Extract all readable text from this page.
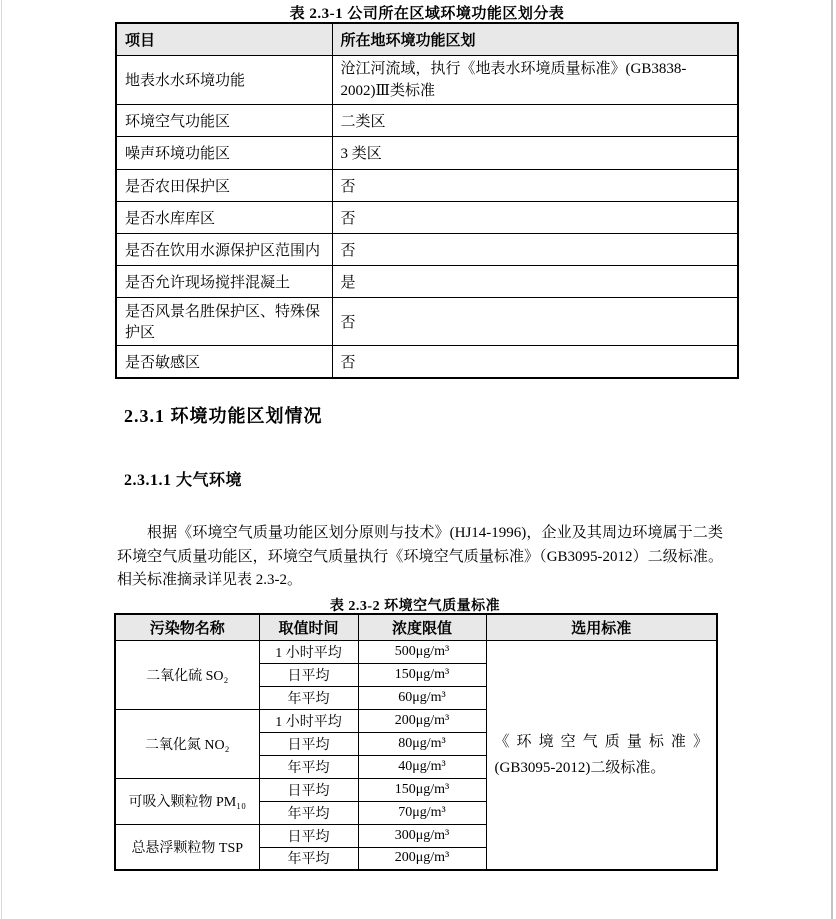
表 2.3-1 公司所在区域环境功能区划分表
项目	所在地环境功能区划
地表水水环境功能	沧江河流域，执行《地表水环境质量标准》(GB3838-2002)Ⅲ类标准
环境空气功能区	二类区
噪声环境功能区	3 类区
是否农田保护区	否
是否水库库区	否
是否在饮用水源保护区范围内	否
是否允许现场搅拌混凝土	是
是否风景名胜保护区、特殊保护区	否
是否敏感区	否
2.3.1 环境功能区划情况
2.3.1.1 大气环境

根据《环境空气质量功能区划分原则与技术》(HJ14-1996)，企业及其周边环境属于二类环境空气质量功能区，环境空气质量执行《环境空气质量标准》（GB3095-2012）二级标准。相关标准摘录详见表 2.3-2。

表 2.3-2 环境空气质量标准
污染物名称	取值时间	浓度限值	选用标准
二氧化硫 SO₂	1 小时平均	500μg/m³	《环境空气质量标准》
(GB3095-2012)二级标准。

	日平均	150μg/m³	
	年平均	60μg/m³	
二氧化氮 NO₂	1 小时平均	200μg/m³	
	日平均	80μg/m³	
	年平均	40μg/m³	
可吸入颗粒物 PM₁₀	日平均	150μg/m³	
	年平均	70μg/m³	
总悬浮颗粒物 TSP	日平均	300μg/m³	
	年平均	200μg/m³	
